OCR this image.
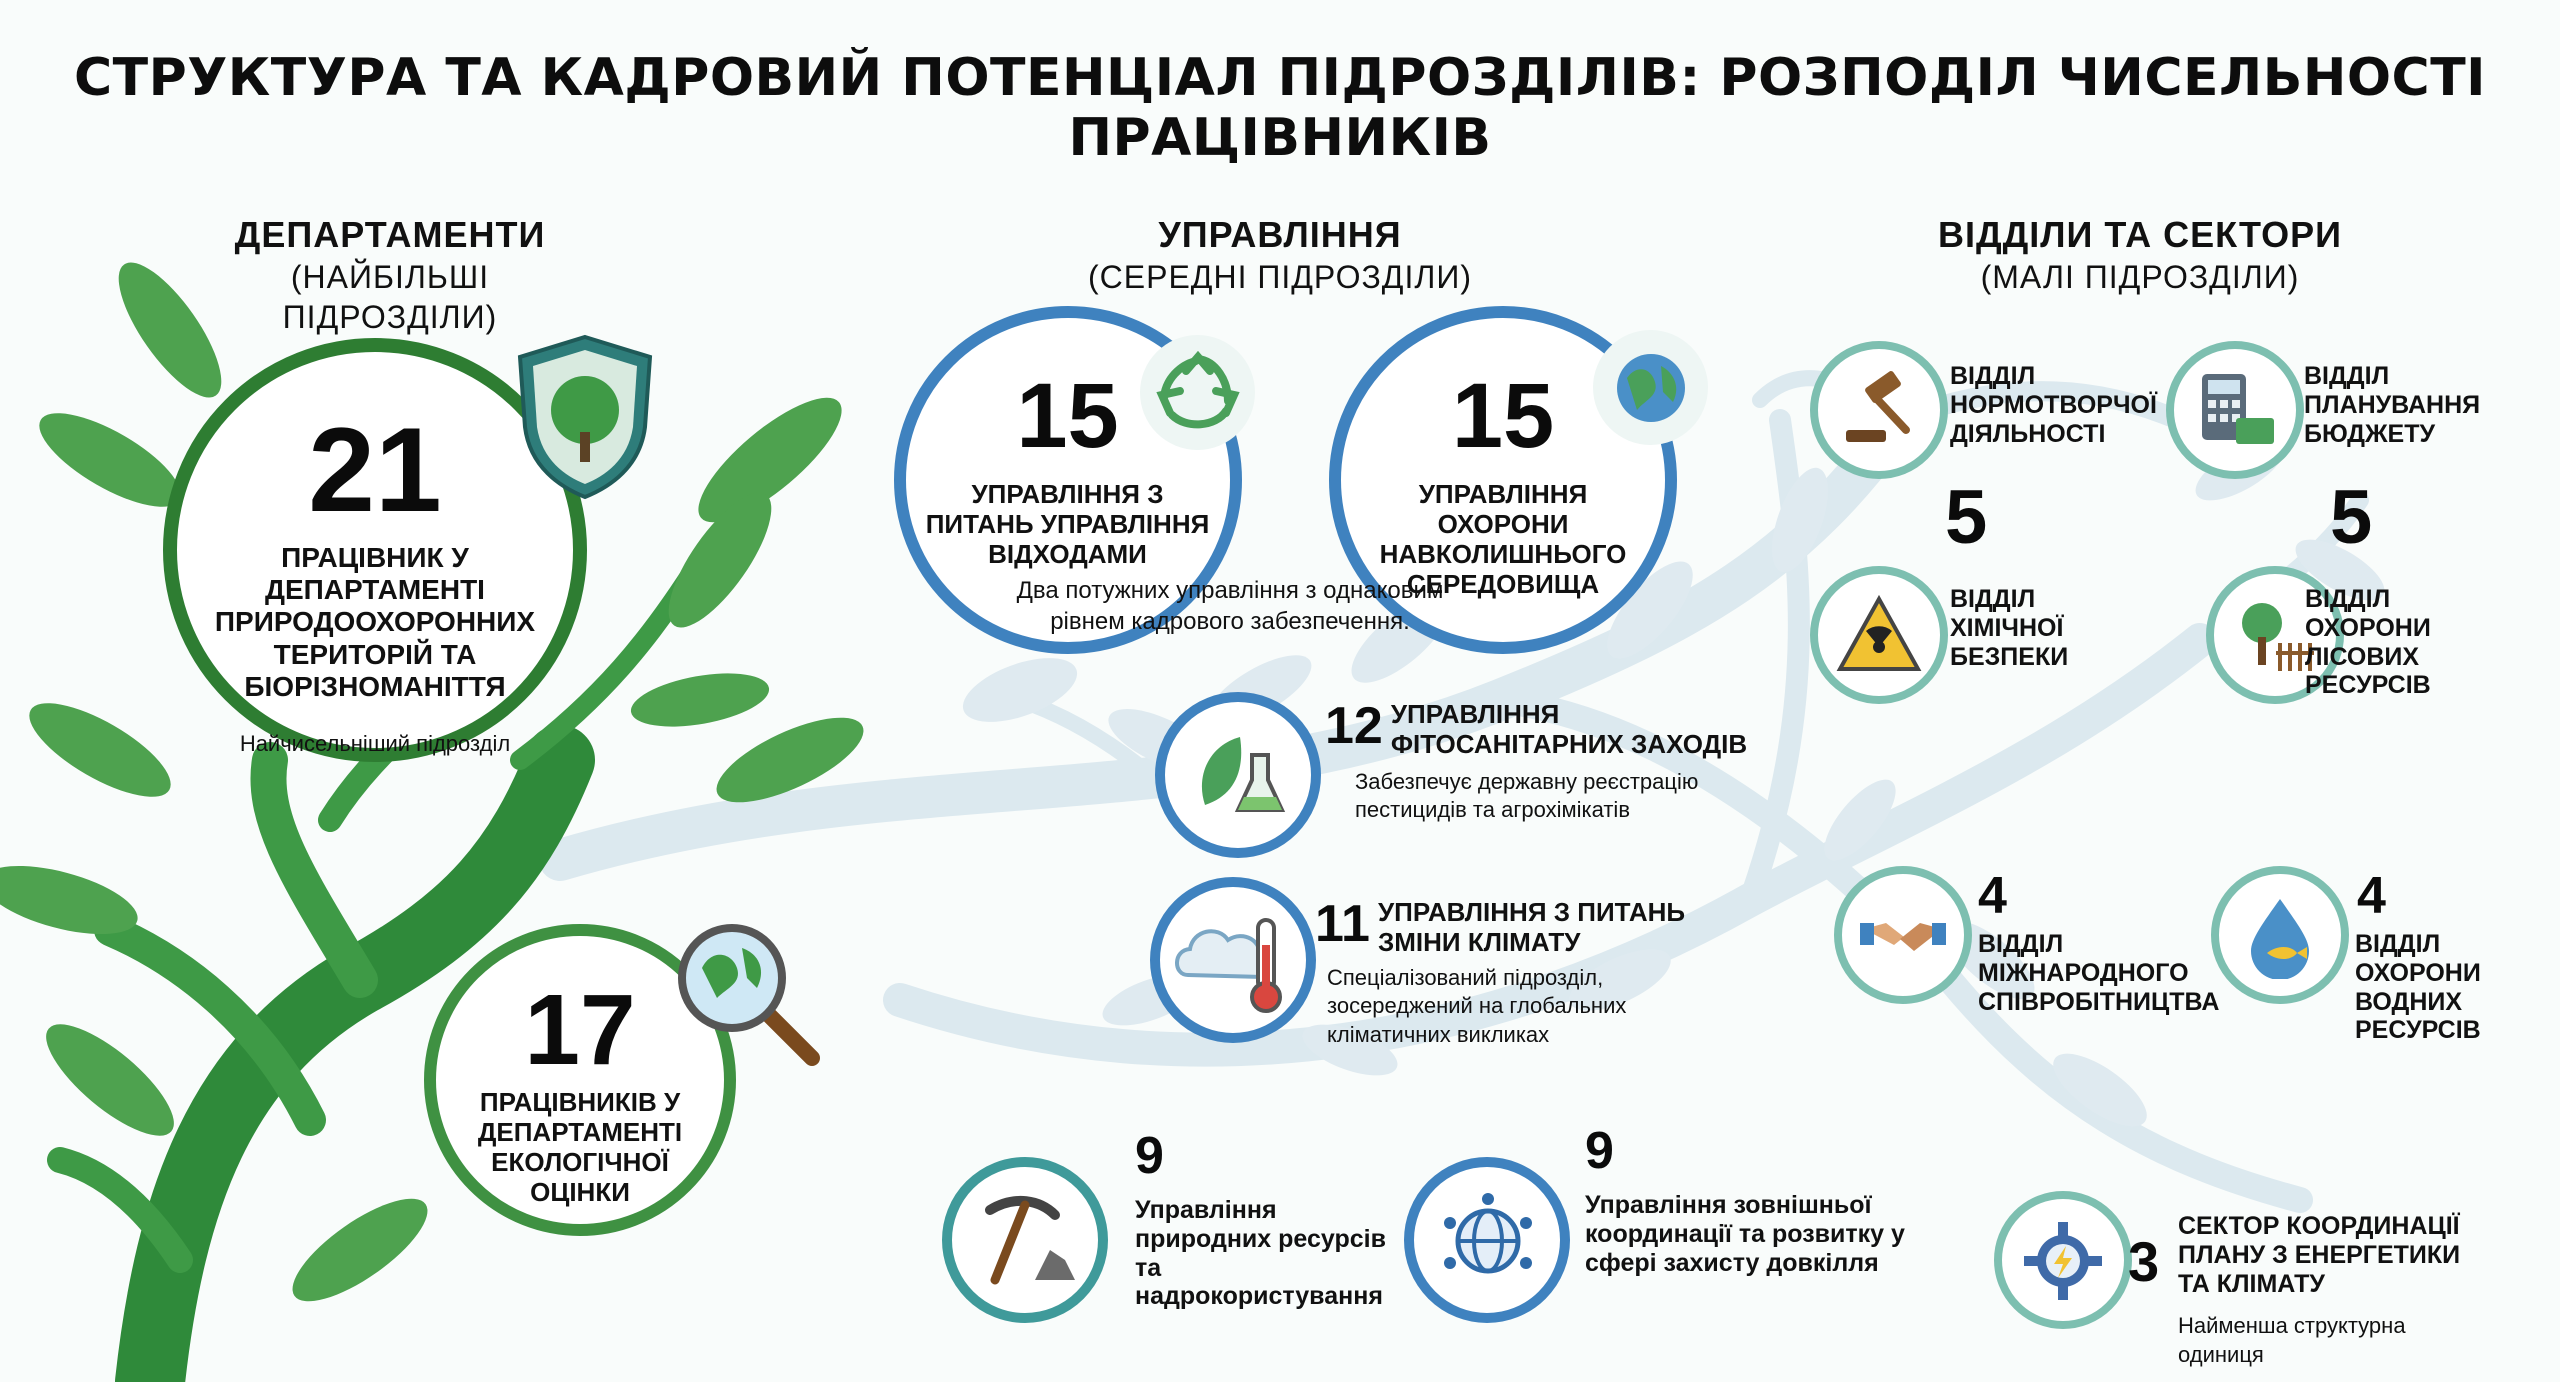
СТРУКТУРА ТА КАДРОВИЙ ПОТЕНЦІАЛ ПІДРОЗДІЛІВ: РОЗПОДІЛ ЧИСЕЛЬНОСТІ ПРАЦІВНИКІВ
ДЕПАРТАМЕНТИ
(НАЙБІЛЬШІ ПІДРОЗДІЛИ)
УПРАВЛІННЯ
(СЕРЕДНІ ПІДРОЗДІЛИ)
ВІДДІЛИ ТА СЕКТОРИ
(МАЛІ ПІДРОЗДІЛИ)
21
ПРАЦІВНИК У ДЕПАРТАМЕНТІ ПРИРОДООХОРОННИХ ТЕРИТОРІЙ ТА БІОРІЗНОМАНІТТЯ
Найчисельніший підрозділ
17
ПРАЦІВНИКІВ У ДЕПАРТАМЕНТІ ЕКОЛОГІЧНОЇ ОЦІНКИ
15
УПРАВЛІННЯ З ПИТАНЬ УПРАВЛІННЯ ВІДХОДАМИ
15
УПРАВЛІННЯ ОХОРОНИ НАВКОЛИШНЬОГО СЕРЕДОВИЩА
Два потужних управління з однаковим рівнем кадрового забезпечення.
12 УПРАВЛІННЯ ФІТОСАНІТАРНИХ ЗАХОДІВ
Забезпечує державну реєстрацію пестицидів та агрохімікатів
11 УПРАВЛІННЯ З ПИТАНЬ ЗМІНИ КЛІМАТУ
Спеціалізований підрозділ, зосереджений на глобальних кліматичних викликах
9
Управління природних ресурсів та надрокористування
9
Управління зовнішньої координації та розвитку у сфері захисту довкілля
ВІДДІЛ НОРМОТВОРЧОЇ ДІЯЛЬНОСТІ
5
ВІДДІЛ ПЛАНУВАННЯ БЮДЖЕТУ
5
ВІДДІЛ ХІМІЧНОЇ БЕЗПЕКИ
ВІДДІЛ ОХОРОНИ ЛІСОВИХ РЕСУРСІВ
4
ВІДДІЛ МІЖНАРОДНОГО СПІВРОБІТНИЦТВА
4
ВІДДІЛ ОХОРОНИ ВОДНИХ РЕСУРСІВ
3
СЕКТОР КООРДИНАЦІЇ ПЛАНУ З ЕНЕРГЕТИКИ ТА КЛІМАТУ
Найменша структурна одиниця
